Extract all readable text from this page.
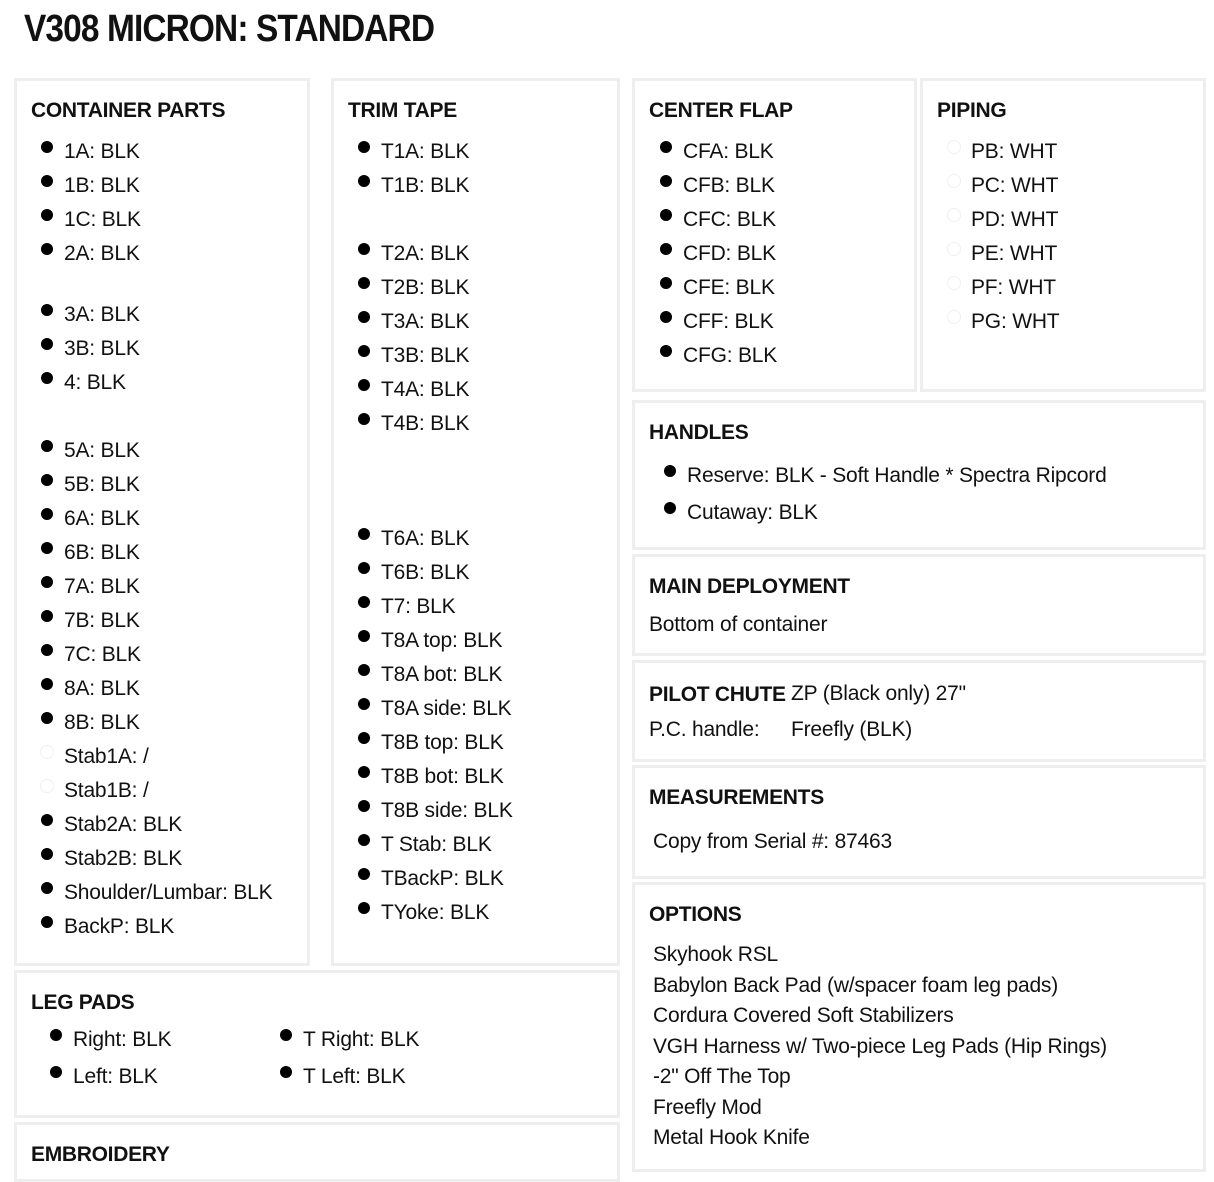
V308 MICRON: STANDARD
CONTAINER PARTS
1A: BLK
1B: BLK
1C: BLK
2A: BLK
3A: BLK
3B: BLK
4: BLK
5A: BLK
5B: BLK
6A: BLK
6B: BLK
7A: BLK
7B: BLK
7C: BLK
8A: BLK
8B: BLK
Stab1A: /
Stab1B: /
Stab2A: BLK
Stab2B: BLK
Shoulder/Lumbar: BLK
BackP: BLK
TRIM TAPE
T1A: BLK
T1B: BLK
T2A: BLK
T2B: BLK
T3A: BLK
T3B: BLK
T4A: BLK
T4B: BLK
T6A: BLK
T6B: BLK
T7: BLK
T8A top: BLK
T8A bot: BLK
T8A side: BLK
T8B top: BLK
T8B bot: BLK
T8B side: BLK
T Stab: BLK
TBackP: BLK
TYoke: BLK
CENTER FLAP
CFA: BLK
CFB: BLK
CFC: BLK
CFD: BLK
CFE: BLK
CFF: BLK
CFG: BLK
PIPING
PB: WHT
PC: WHT
PD: WHT
PE: WHT
PF: WHT
PG: WHT
HANDLES
Reserve: BLK - Soft Handle * Spectra Ripcord
Cutaway: BLK
MAIN DEPLOYMENT
Bottom of container
PILOT CHUTE ZP (Black only) 27"
P.C. handle: Freefly (BLK)
MEASUREMENTS
Copy from Serial #: 87463
OPTIONS
Skyhook RSL
Babylon Back Pad (w/spacer foam leg pads)
Cordura Covered Soft Stabilizers
VGH Harness w/ Two-piece Leg Pads (Hip Rings)
-2" Off The Top
Freefly Mod
Metal Hook Knife
LEG PADS
Right: BLK
Left: BLK
T Right: BLK
T Left: BLK
EMBROIDERY
